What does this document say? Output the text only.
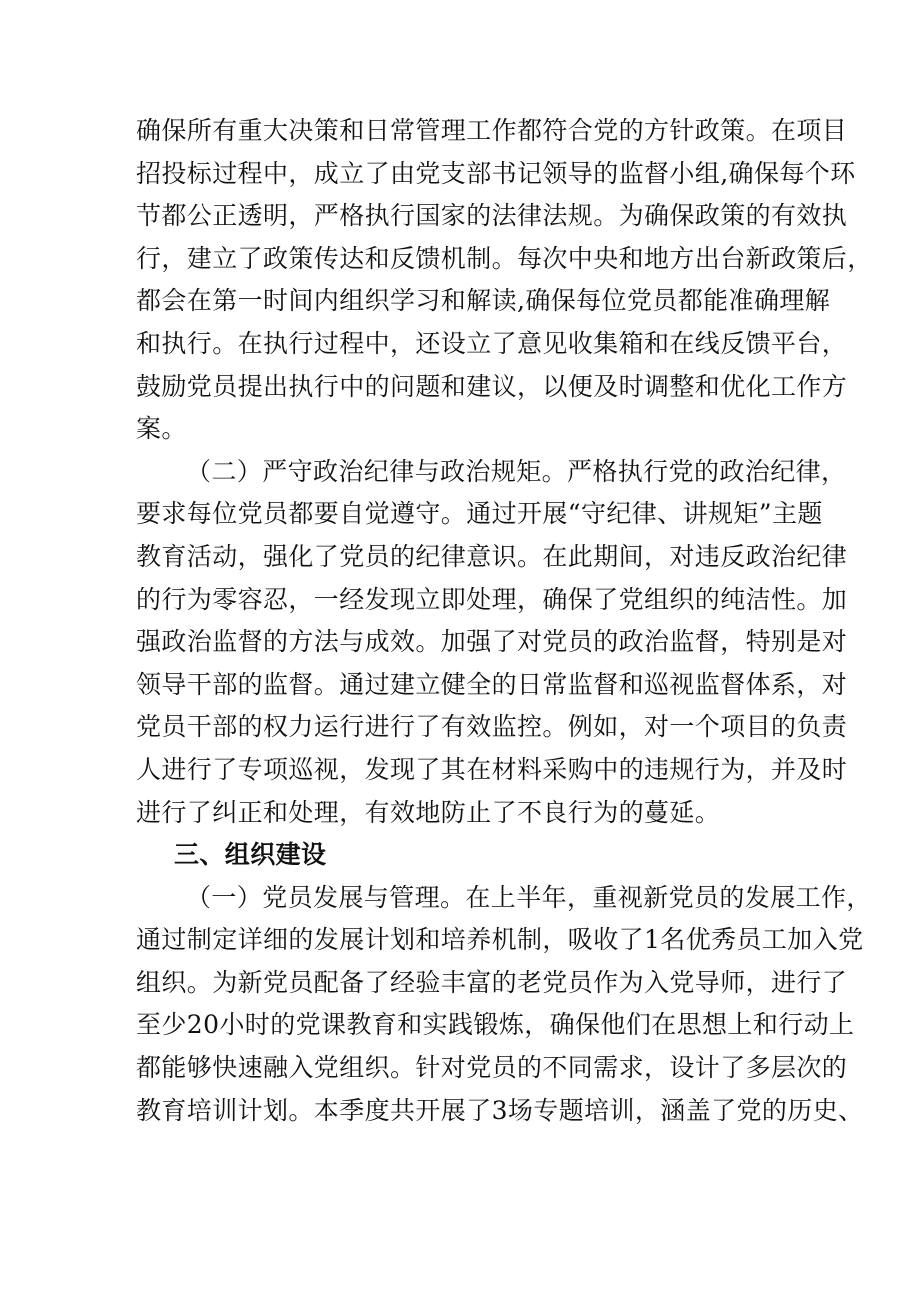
确保所有重大决策和日常管理工作都符合党的方针政策。在项目
招投标过程中，成立了由党支部书记领导的监督小组,确保每个环
节都公正透明，严格执行国家的法律法规。为确保政策的有效执
行，建立了政策传达和反馈机制。每次中央和地方出台新政策后，
都会在第一时间内组织学习和解读,确保每位党员都能准确理解
和执行。在执行过程中，还设立了意见收集箱和在线反馈平台，
鼓励党员提出执行中的问题和建议，以便及时调整和优化工作方
案。
（二）严守政治纪律与政治规矩。严格执行党的政治纪律，
要求每位党员都要自觉遵守。通过开展“守纪律、讲规矩”主题
教育活动，强化了党员的纪律意识。在此期间，对违反政治纪律
的行为零容忍，一经发现立即处理，确保了党组织的纯洁性。加
强政治监督的方法与成效。加强了对党员的政治监督，特别是对
领导干部的监督。通过建立健全的日常监督和巡视监督体系，对
党员干部的权力运行进行了有效监控。例如，对一个项目的负责
人进行了专项巡视，发现了其在材料采购中的违规行为，并及时
进行了纠正和处理，有效地防止了不良行为的蔓延。
三、组织建设
（一）党员发展与管理。在上半年，重视新党员的发展工作，
通过制定详细的发展计划和培养机制，吸收了1名优秀员工加入党
组织。为新党员配备了经验丰富的老党员作为入党导师，进行了
至少20小时的党课教育和实践锻炼，确保他们在思想上和行动上
都能够快速融入党组织。针对党员的不同需求，设计了多层次的
教育培训计划。本季度共开展了3场专题培训，涵盖了党的历史、
